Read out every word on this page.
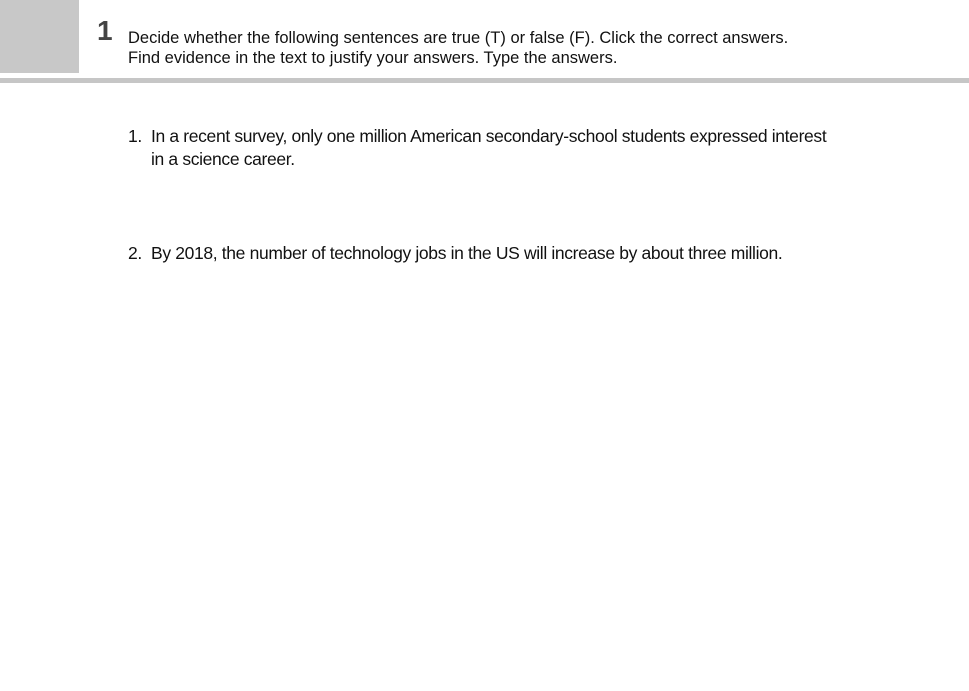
1 Decide whether the following sentences are true (T) or false (F). Click the correct answers.
Find evidence in the text to justify your answers. Type the answers.
1. In a recent survey, only one million American secondary-school students expressed interest in a science career.
2. By 2018, the number of technology jobs in the US will increase by about three million.
